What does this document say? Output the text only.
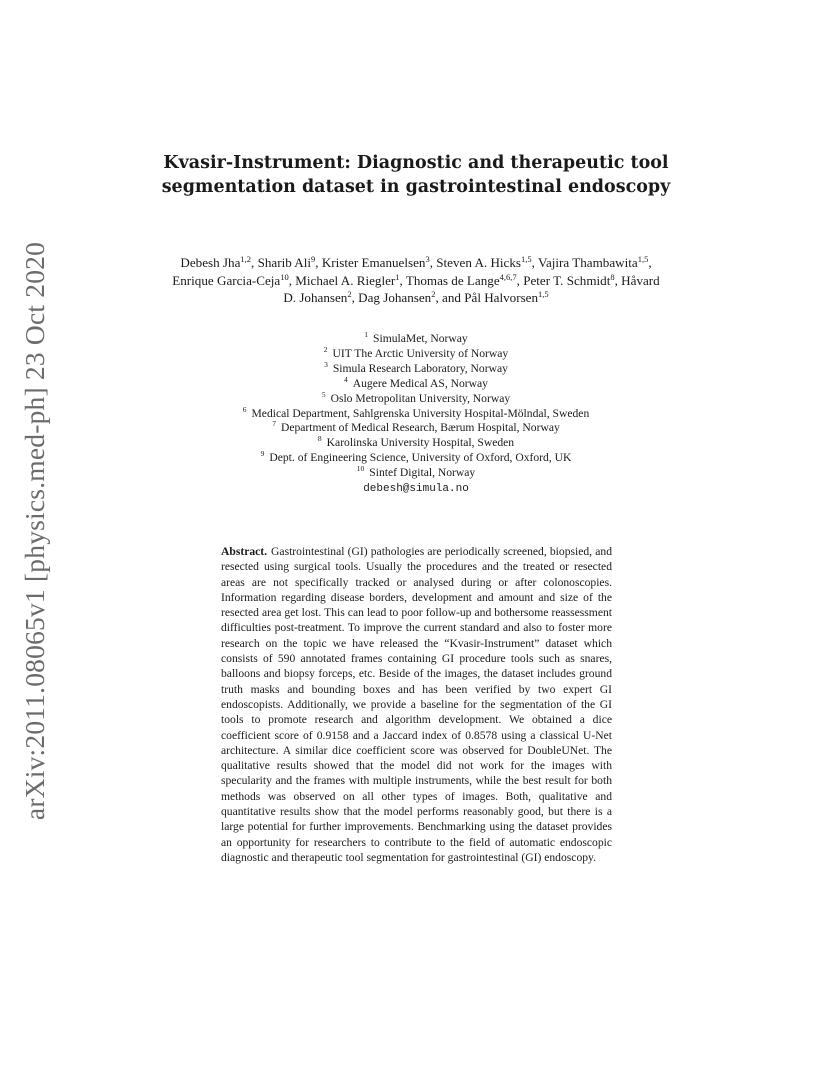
arXiv:2011.08065v1 [physics.med-ph] 23 Oct 2020
Kvasir-Instrument: Diagnostic and therapeutic tool segmentation dataset in gastrointestinal endoscopy

Debesh Jha$^{1,2}$, Sharib Ali$^9$, Krister Emanuelsen$^3$, Steven A. Hicks$^{1,5}$, Vajira Thambawita$^{1,5}$, Enrique Garcia-Ceja$^{10}$, Michael A. Riegler$^1$, Thomas de Lange$^{4,6,7}$, Peter T. Schmidt$^8$, Håvard D. Johansen$^2$, Dag Johansen$^2$, and Pål Halvorsen$^{1,5}$

$^1$ SimulaMet, Norway
$^2$ UIT The Arctic University of Norway
$^3$ Simula Research Laboratory, Norway
$^4$ Augere Medical AS, Norway
$^5$ Oslo Metropolitan University, Norway
$^6$ Medical Department, Sahlgrenska University Hospital-Mölndal, Sweden
$^7$ Department of Medical Research, Bærum Hospital, Norway
$^8$ Karolinska University Hospital, Sweden
$^9$ Dept. of Engineering Science, University of Oxford, Oxford, UK
$^{10}$ Sintef Digital, Norway
debesh@simula.no

Abstract. Gastrointestinal (GI) pathologies are periodically screened, biopsied, and resected using surgical tools. Usually the procedures and the treated or resected areas are not specifically tracked or analysed during or after colonoscopies. Information regarding disease borders, development and amount and size of the resected area get lost. This can lead to poor follow-up and bothersome reassessment difficulties post-treatment. To improve the current standard and also to foster more research on the topic we have released the “Kvasir-Instrument” dataset which consists of 590 annotated frames containing GI procedure tools such as snares, balloons and biopsy forceps, etc. Beside of the images, the dataset includes ground truth masks and bounding boxes and has been verified by two expert GI endoscopists. Additionally, we provide a baseline for the segmentation of the GI tools to promote research and algorithm development. We obtained a dice coefficient score of 0.9158 and a Jaccard index of 0.8578 using a classical U-Net architecture. A similar dice coefficient score was observed for DoubleUNet. The qualitative results showed that the model did not work for the images with specularity and the frames with multiple instruments, while the best result for both methods was observed on all other types of images. Both, qualitative and quantitative results show that the model performs reasonably good, but there is a large potential for further improvements. Benchmarking using the dataset provides an opportunity for researchers to contribute to the field of automatic endoscopic diagnostic and therapeutic tool segmentation for gastrointestinal (GI) endoscopy.
